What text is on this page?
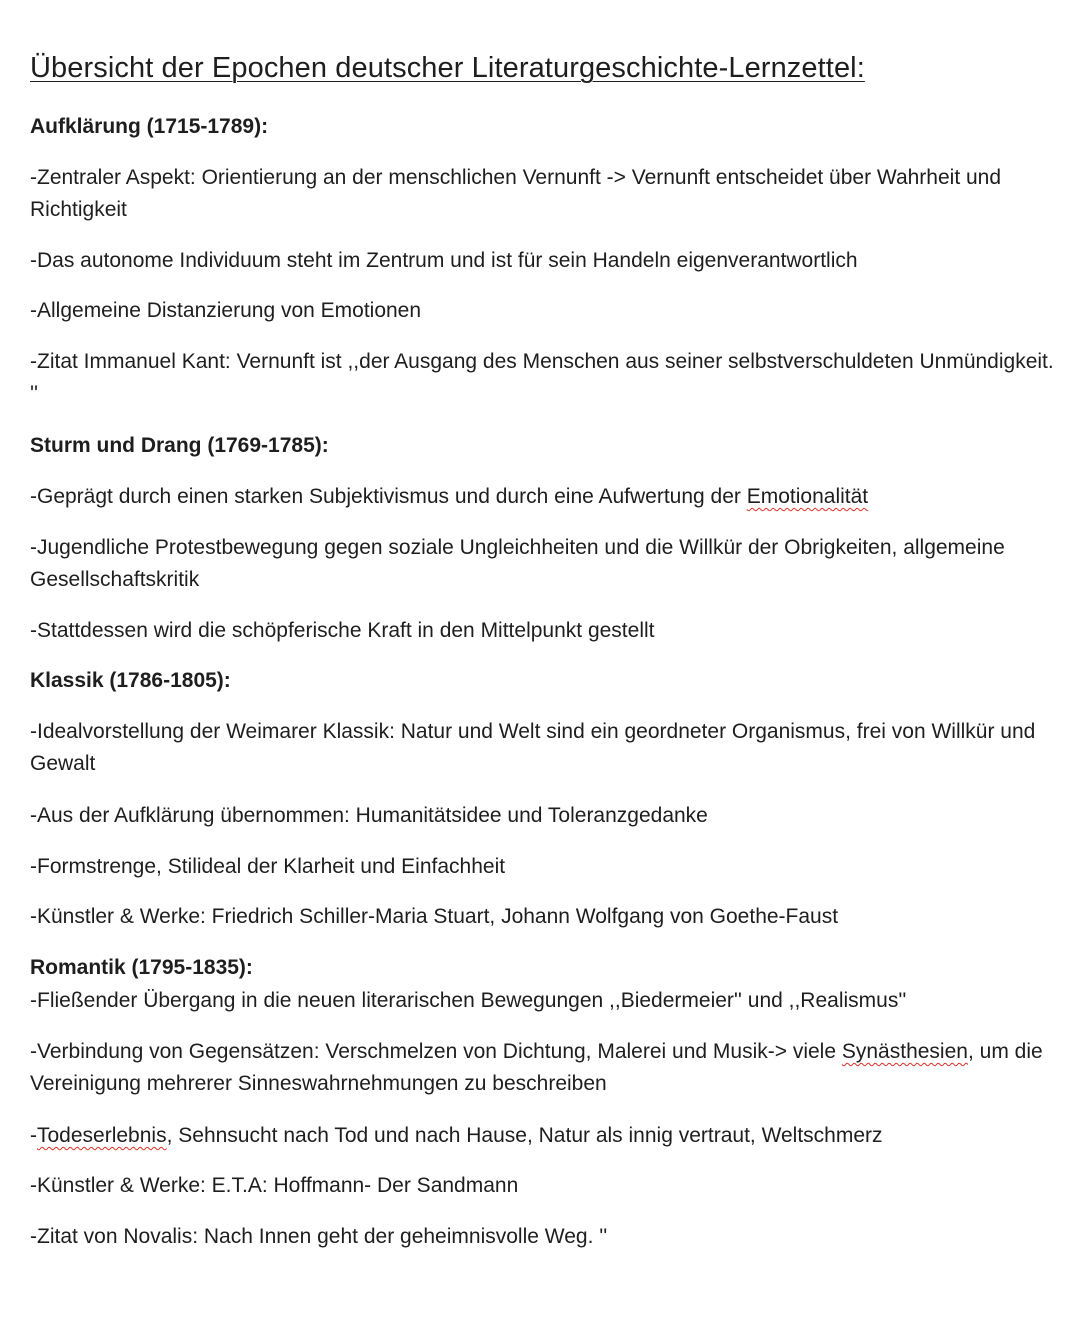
Übersicht der Epochen deutscher Literaturgeschichte-Lernzettel:
Aufklärung (1715-1789):

-Zentraler Aspekt: Orientierung an der menschlichen Vernunft -> Vernunft entscheidet über Wahrheit und Richtigkeit

-Das autonome Individuum steht im Zentrum und ist für sein Handeln eigenverantwortlich

-Allgemeine Distanzierung von Emotionen

-Zitat Immanuel Kant: Vernunft ist ,,der Ausgang des Menschen aus seiner selbstverschuldeten Unmündigkeit. ''

Sturm und Drang (1769-1785):

-Geprägt durch einen starken Subjektivismus und durch eine Aufwertung der Emotionalität

-Jugendliche Protestbewegung gegen soziale Ungleichheiten und die Willkür der Obrigkeiten, allgemeine Gesellschaftskritik

-Stattdessen wird die schöpferische Kraft in den Mittelpunkt gestellt

Klassik (1786-1805):

-Idealvorstellung der Weimarer Klassik: Natur und Welt sind ein geordneter Organismus, frei von Willkür und Gewalt

-Aus der Aufklärung übernommen: Humanitätsidee und Toleranzgedanke

-Formstrenge, Stilideal der Klarheit und Einfachheit

-Künstler & Werke: Friedrich Schiller-Maria Stuart, Johann Wolfgang von Goethe-Faust

Romantik (1795-1835):

-Fließender Übergang in die neuen literarischen Bewegungen ,,Biedermeier'' und ,,Realismus''

-Verbindung von Gegensätzen: Verschmelzen von Dichtung, Malerei und Musik-> viele Synästhesien, um die Vereinigung mehrerer Sinneswahrnehmungen zu beschreiben

-Todeserlebnis, Sehnsucht nach Tod und nach Hause, Natur als innig vertraut, Weltschmerz

-Künstler & Werke: E.T.A: Hoffmann- Der Sandmann

-Zitat von Novalis: Nach Innen geht der geheimnisvolle Weg. ''
